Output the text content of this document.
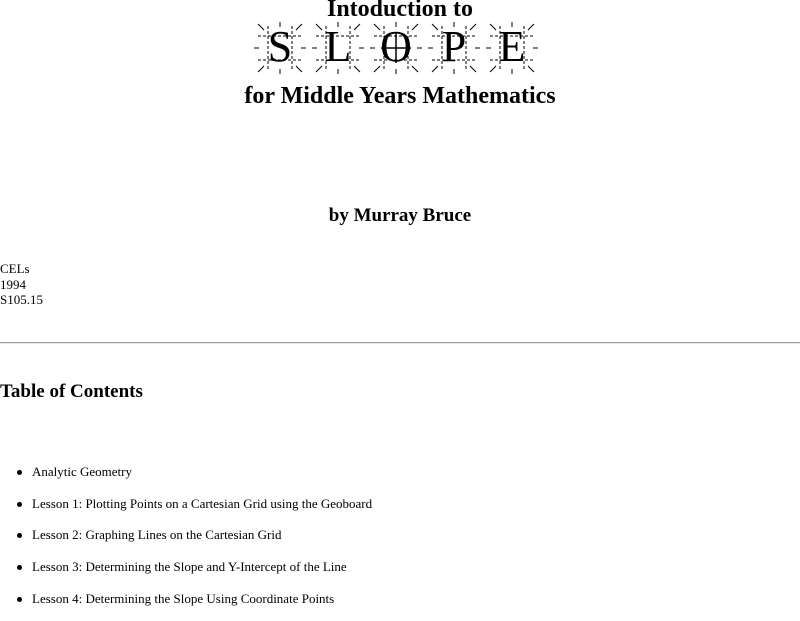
Intoduction to
S L O P E
for Middle Years Mathematics
by Murray Bruce
CELs
1994
S105.15
Table of Contents
Analytic Geometry
Lesson 1: Plotting Points on a Cartesian Grid using the Geoboard
Lesson 2: Graphing Lines on the Cartesian Grid
Lesson 3: Determining the Slope and Y-Intercept of the Line
Lesson 4: Determining the Slope Using Coordinate Points
